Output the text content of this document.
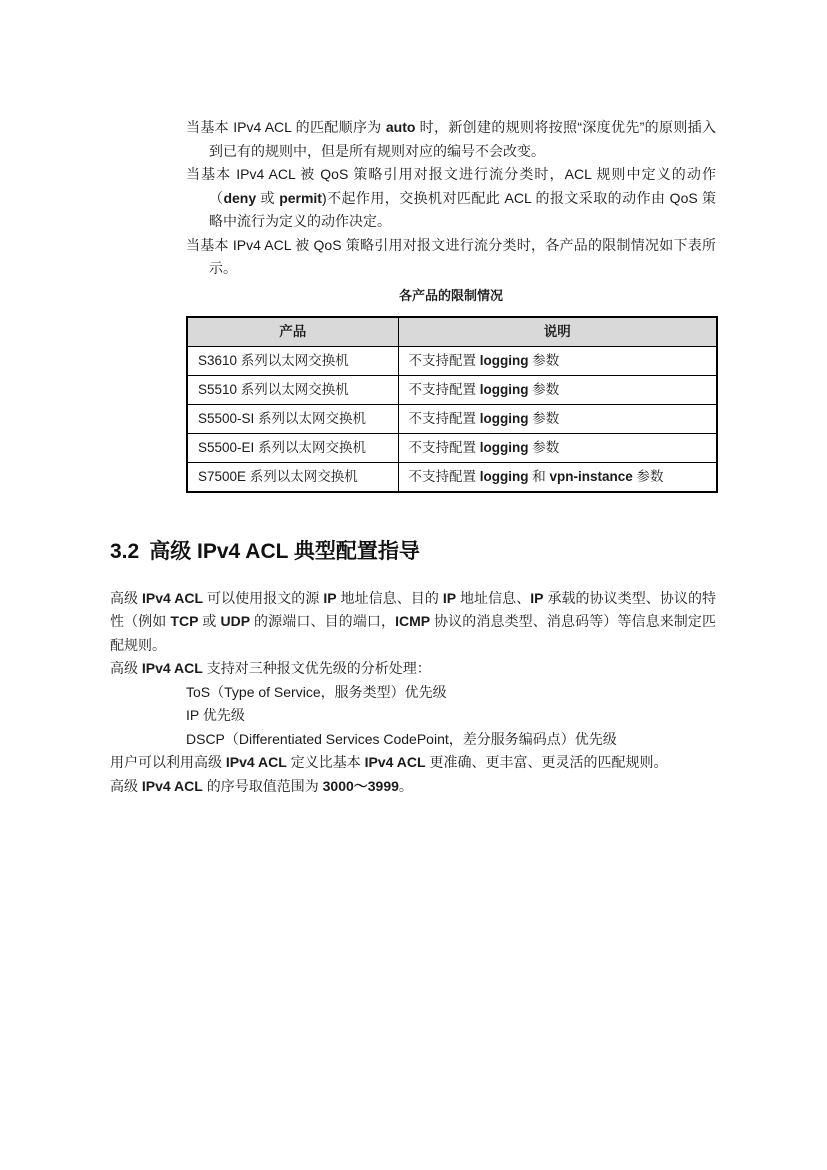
当基本 IPv4 ACL 的匹配顺序为 auto 时，新创建的规则将按照“深度优先”的原则插入到已有的规则中，但是所有规则对应的编号不会改变。
当基本 IPv4 ACL 被 QoS 策略引用对报文进行流分类时，ACL 规则中定义的动作（deny 或 permit)不起作用，交换机对匹配此 ACL 的报文采取的动作由 QoS 策略中流行为定义的动作决定。
当基本 IPv4 ACL 被 QoS 策略引用对报文进行流分类时，各产品的限制情况如下表所示。
各产品的限制情况
产品	说明
S3610 系列以太网交换机	不支持配置 logging 参数
S5510 系列以太网交换机	不支持配置 logging 参数
S5500-SI 系列以太网交换机	不支持配置 logging 参数
S5500-EI 系列以太网交换机	不支持配置 logging 参数
S7500E 系列以太网交换机	不支持配置 logging 和 vpn-instance 参数
3.2 高级 IPv4 ACL 典型配置指导

高级 IPv4 ACL 可以使用报文的源 IP 地址信息、目的 IP 地址信息、IP 承载的协议类型、协议的特性（例如 TCP 或 UDP 的源端口、目的端口，ICMP 协议的消息类型、消息码等）等信息来制定匹配规则。

高级 IPv4 ACL 支持对三种报文优先级的分析处理：

ToS（Type of Service，服务类型）优先级
IP 优先级
DSCP（Differentiated Services CodePoint，差分服务编码点）优先级

用户可以利用高级 IPv4 ACL 定义比基本 IPv4 ACL 更准确、更丰富、更灵活的匹配规则。

高级 IPv4 ACL 的序号取值范围为 3000～3999。
